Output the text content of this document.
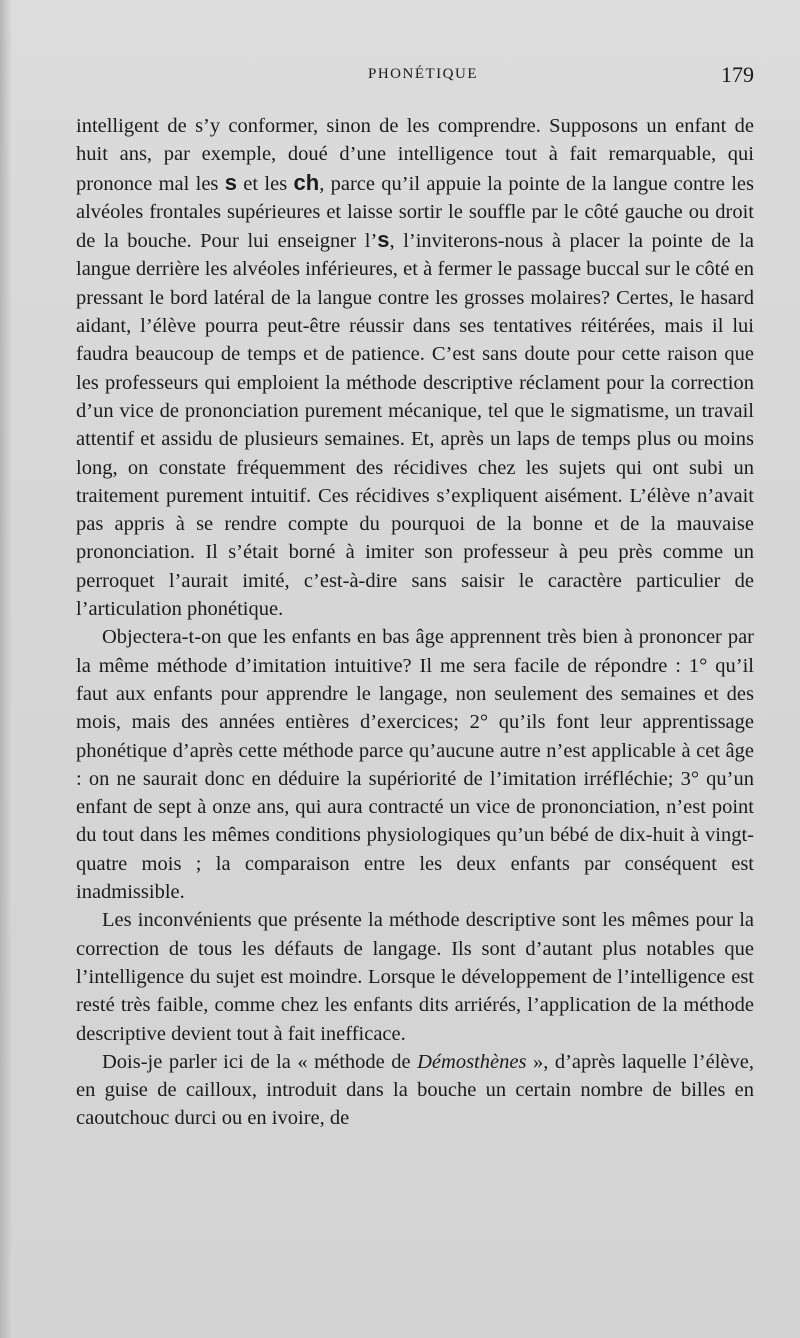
PHONÉTIQUE	179

intelligent de s’y conformer, sinon de les comprendre. Supposons un enfant de huit ans, par exemple, doué d’une intelligence tout à fait remarquable, qui prononce mal les s et les ch, parce qu’il appuie la pointe de la langue contre les alvéoles frontales supérieures et laisse sortir le souffle par le côté gauche ou droit de la bouche. Pour lui enseigner l’s, l’inviterons-nous à placer la pointe de la langue derrière les alvéoles inférieures, et à fermer le passage buccal sur le côté en pressant le bord latéral de la langue contre les grosses molaires? Certes, le hasard aidant, l’élève pourra peut-être réussir dans ses tentatives réitérées, mais il lui faudra beaucoup de temps et de patience. C’est sans doute pour cette raison que les professeurs qui emploient la méthode descriptive réclament pour la correction d’un vice de prononciation purement mécanique, tel que le sigmatisme, un travail attentif et assidu de plusieurs semaines. Et, après un laps de temps plus ou moins long, on constate fréquemment des récidives chez les sujets qui ont subi un traitement purement intuitif. Ces récidives s’expliquent aisément. L’élève n’avait pas appris à se rendre compte du pourquoi de la bonne et de la mauvaise prononciation. Il s’était borné à imiter son professeur à peu près comme un perroquet l’aurait imité, c’est-à-dire sans saisir le caractère particulier de l’articulation phonétique.

Objectera-t-on que les enfants en bas âge apprennent très bien à prononcer par la même méthode d’imitation intuitive? Il me sera facile de répondre : 1° qu’il faut aux enfants pour apprendre le langage, non seulement des semaines et des mois, mais des années entières d’exercices; 2° qu’ils font leur apprentissage phonétique d’après cette méthode parce qu’aucune autre n’est applicable à cet âge : on ne saurait donc en déduire la supériorité de l’imitation irréfléchie; 3° qu’un enfant de sept à onze ans, qui aura contracté un vice de prononciation, n’est point du tout dans les mêmes conditions physiologiques qu’un bébé de dix-huit à vingt-quatre mois ; la comparaison entre les deux enfants par conséquent est inadmissible.

Les inconvénients que présente la méthode descriptive sont les mêmes pour la correction de tous les défauts de langage. Ils sont d’autant plus notables que l’intelligence du sujet est moindre. Lorsque le développement de l’intelligence est resté très faible, comme chez les enfants dits arriérés, l’application de la méthode descriptive devient tout à fait inefficace.

Dois-je parler ici de la « méthode de Démosthènes », d’après laquelle l’élève, en guise de cailloux, introduit dans la bouche un certain nombre de billes en caoutchouc durci ou en ivoire, de
